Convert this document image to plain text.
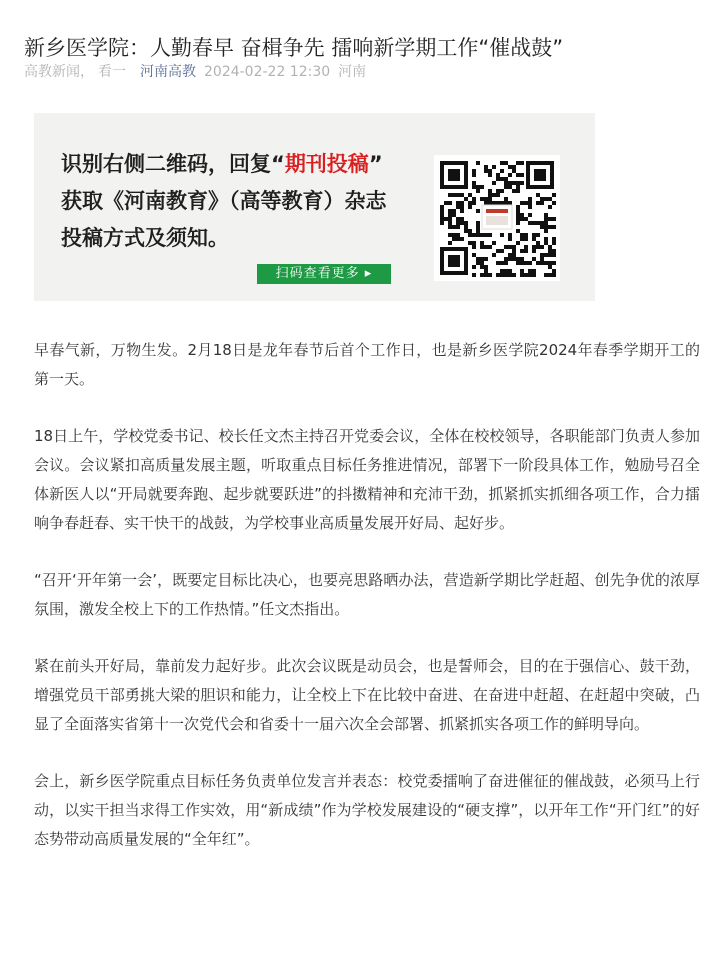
新乡医学院：人勤春早 奋楫争先 擂响新学期工作“催战鼓”
高教新闻， 看一 河南高教 2024-02-22 12:30 河南
识别右侧二维码，回复“期刊投稿”
获取《河南教育》（高等教育）杂志
投稿方式及须知。
扫码查看更多 ▸

早春气新，万物生发。2月18日是龙年春节后首个工作日，也是新乡医学院2024年春季学期开工的第一天。

18日上午，学校党委书记、校长任文杰主持召开党委会议，全体在校校领导，各职能部门负责人参加会议。会议紧扣高质量发展主题，听取重点目标任务推进情况，部署下一阶段具体工作，勉励号召全体新医人以“开局就要奔跑、起步就要跃进”的抖擞精神和充沛干劲，抓紧抓实抓细各项工作，合力擂响争春赶春、实干快干的战鼓，为学校事业高质量发展开好局、起好步。

“召开‘开年第一会’，既要定目标比决心，也要亮思路晒办法，营造新学期比学赶超、创先争优的浓厚氛围，激发全校上下的工作热情。”任文杰指出。

紧在前头开好局，靠前发力起好步。此次会议既是动员会，也是誓师会，目的在于强信心、鼓干劲，增强党员干部勇挑大梁的胆识和能力，让全校上下在比较中奋进、在奋进中赶超、在赶超中突破，凸显了全面落实省第十一次党代会和省委十一届六次全会部署、抓紧抓实各项工作的鲜明导向。

会上，新乡医学院重点目标任务负责单位发言并表态：校党委擂响了奋进催征的催战鼓，必须马上行动，以实干担当求得工作实效，用“新成绩”作为学校发展建设的“硬支撑”，以开年工作“开门红”的好态势带动高质量发展的“全年红”。
